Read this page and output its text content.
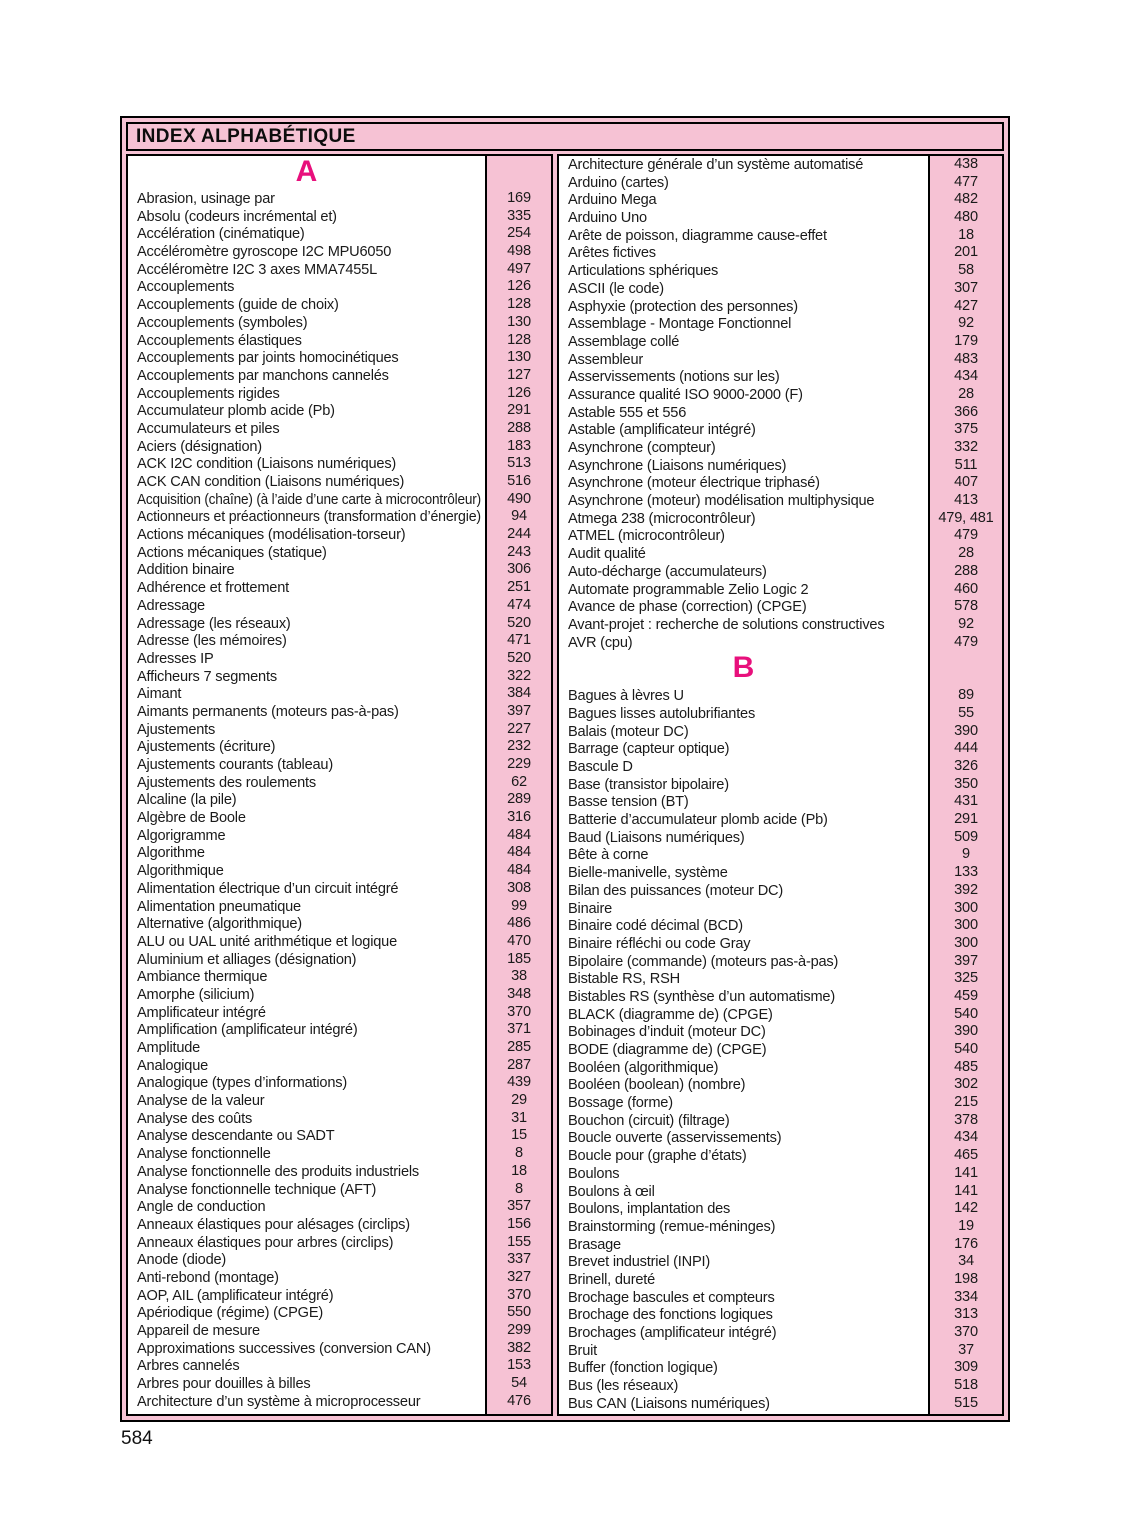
INDEX ALPHABÉTIQUE
A
Abrasion, usinage par
Absolu (codeurs incrémental et)
Accélération (cinématique)
Accéléromètre gyroscope I2C MPU6050
Accéléromètre I2C 3 axes MMA7455L
Accouplements
Accouplements (guide de choix)
Accouplements (symboles)
Accouplements élastiques
Accouplements par joints homocinétiques
Accouplements par manchons cannelés
Accouplements rigides
Accumulateur plomb acide (Pb)
Accumulateurs et piles
Aciers (désignation)
ACK I2C condition (Liaisons numériques)
ACK CAN condition (Liaisons numériques)
Acquisition (chaîne) (à l’aide d’une carte à microcontrôleur)
Actionneurs et préactionneurs (transformation d’énergie)
Actions mécaniques (modélisation-torseur)
Actions mécaniques (statique)
Addition binaire
Adhérence et frottement
Adressage
Adressage (les réseaux)
Adresse (les mémoires)
Adresses IP
Afficheurs 7 segments
Aimant
Aimants permanents (moteurs pas-à-pas)
Ajustements
Ajustements (écriture)
Ajustements courants (tableau)
Ajustements des roulements
Alcaline (la pile)
Algèbre de Boole
Algorigramme
Algorithme
Algorithmique
Alimentation électrique d’un circuit intégré
Alimentation pneumatique
Alternative (algorithmique)
ALU ou UAL unité arithmétique et logique
Aluminium et alliages (désignation)
Ambiance thermique
Amorphe (silicium)
Amplificateur intégré
Amplification (amplificateur intégré)
Amplitude
Analogique
Analogique (types d’informations)
Analyse de la valeur
Analyse des coûts
Analyse descendante ou SADT
Analyse fonctionnelle
Analyse fonctionnelle des produits industriels
Analyse fonctionnelle technique (AFT)
Angle de conduction
Anneaux élastiques pour alésages (circlips)
Anneaux élastiques pour arbres (circlips)
Anode (diode)
Anti-rebond (montage)
AOP, AIL (amplificateur intégré)
Apériodique (régime) (CPGE)
Appareil de mesure
Approximations successives (conversion CAN)
Arbres cannelés
Arbres pour douilles à billes
Architecture d’un système à microprocesseur
169
335
254
498
497
126
128
130
128
130
127
126
291
288
183
513
516
490
94
244
243
306
251
474
520
471
520
322
384
397
227
232
229
62
289
316
484
484
484
308
99
486
470
185
38
348
370
371
285
287
439
29
31
15
8
18
8
357
156
155
337
327
370
550
299
382
153
54
476
Architecture générale d’un système automatisé
Arduino (cartes)
Arduino Mega
Arduino Uno
Arête de poisson, diagramme cause-effet
Arêtes fictives
Articulations sphériques
ASCII (le code)
Asphyxie (protection des personnes)
Assemblage - Montage Fonctionnel
Assemblage collé
Assembleur
Asservissements (notions sur les)
Assurance qualité ISO 9000-2000 (F)
Astable 555 et 556
Astable (amplificateur intégré)
Asynchrone (compteur)
Asynchrone (Liaisons numériques)
Asynchrone (moteur électrique triphasé)
Asynchrone (moteur) modélisation multiphysique
Atmega 238 (microcontrôleur)
ATMEL (microcontrôleur)
Audit qualité
Auto-décharge (accumulateurs)
Automate programmable Zelio Logic 2
Avance de phase (correction) (CPGE)
Avant-projet : recherche de solutions constructives
AVR (cpu)
B
Bagues à lèvres U
Bagues lisses autolubrifiantes
Balais (moteur DC)
Barrage (capteur optique)
Bascule D
Base (transistor bipolaire)
Basse tension (BT)
Batterie d’accumulateur plomb acide (Pb)
Baud (Liaisons numériques)
Bête à corne
Bielle-manivelle, système
Bilan des puissances (moteur DC)
Binaire
Binaire codé décimal (BCD)
Binaire réfléchi ou code Gray
Bipolaire (commande) (moteurs pas-à-pas)
Bistable RS, RSH
Bistables RS (synthèse d’un automatisme)
BLACK (diagramme de) (CPGE)
Bobinages d’induit (moteur DC)
BODE (diagramme de) (CPGE)
Booléen (algorithmique)
Booléen (boolean) (nombre)
Bossage (forme)
Bouchon (circuit) (filtrage)
Boucle ouverte (asservissements)
Boucle pour (graphe d’états)
Boulons
Boulons à œil
Boulons, implantation des
Brainstorming (remue-méninges)
Brasage
Brevet industriel (INPI)
Brinell, dureté
Brochage bascules et compteurs
Brochage des fonctions logiques
Brochages (amplificateur intégré)
Bruit
Buffer (fonction logique)
Bus (les réseaux)
Bus CAN (Liaisons numériques)
438
477
482
480
18
201
58
307
427
92
179
483
434
28
366
375
332
511
407
413
479, 481
479
28
288
460
578
92
479
89
55
390
444
326
350
431
291
509
9
133
392
300
300
300
397
325
459
540
390
540
485
302
215
378
434
465
141
141
142
19
176
34
198
334
313
370
37
309
518
515
584
